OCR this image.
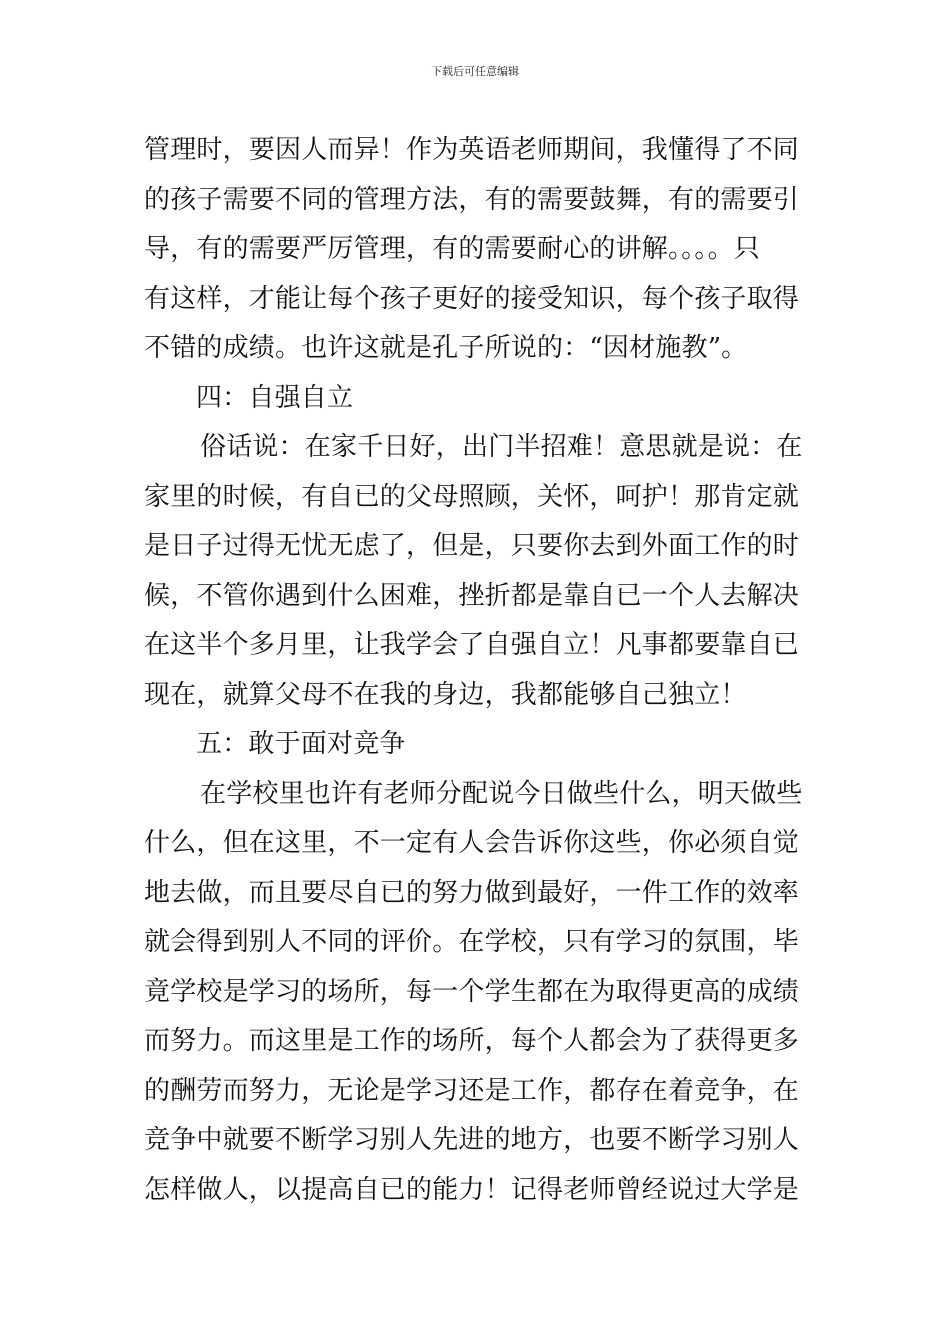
下载后可任意编辑
管理时，要因人而异！作为英语老师期间，我懂得了不同
的孩子需要不同的管理方法，有的需要鼓舞，有的需要引
导，有的需要严厉管理，有的需要耐心的讲解。。。。只
有这样，才能让每个孩子更好的接受知识，每个孩子取得
不错的成绩。也许这就是孔子所说的：“因材施教”。
四：自强自立
俗话说：在家千日好，出门半招难！意思就是说：在
家里的时候，有自已的父母照顾，关怀，呵护！那肯定就
是日子过得无忧无虑了，但是，只要你去到外面工作的时
候，不管你遇到什么困难，挫折都是靠自已一个人去解决
在这半个多月里，让我学会了自强自立！凡事都要靠自已
现在，就算父母不在我的身边，我都能够自己独立！
五：敢于面对竞争
在学校里也许有老师分配说今日做些什么，明天做些
什么，但在这里，不一定有人会告诉你这些，你必须自觉
地去做，而且要尽自已的努力做到最好，一件工作的效率
就会得到别人不同的评价。在学校，只有学习的氛围，毕
竟学校是学习的场所，每一个学生都在为取得更高的成绩
而努力。而这里是工作的场所，每个人都会为了获得更多
的酬劳而努力，无论是学习还是工作，都存在着竞争，在
竞争中就要不断学习别人先进的地方，也要不断学习别人
怎样做人，以提高自已的能力！记得老师曾经说过大学是
